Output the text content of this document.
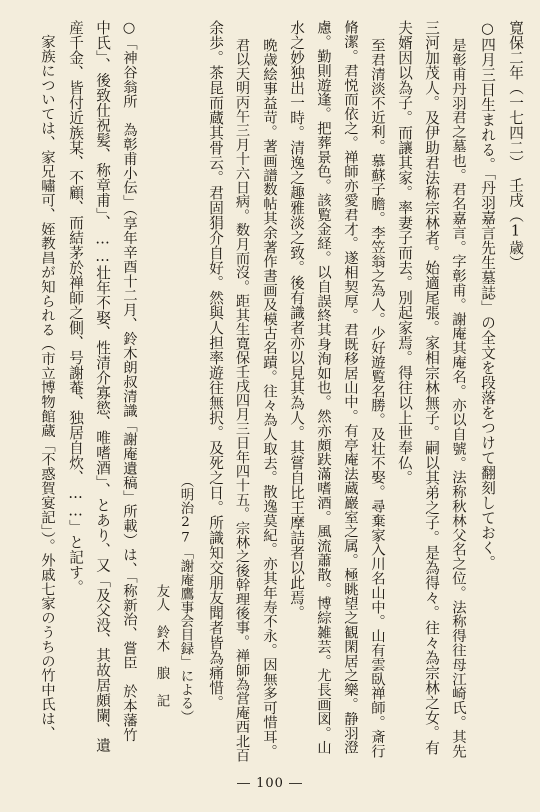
寛保二年（一七四二）　壬戌（1歳）
○四月三日生まれる。「丹羽嘉言先生墓誌」の全文を段落をつけて翻刻しておく。
是彰甫丹羽君之墓也。君名嘉言。字彰甫。謝庵其庵名。亦以自號。法称秋林父名之位。法称得往母江崎氏。其先
三河加茂人。及伊助君法称宗林者。始適尾張。家相宗林無子。嗣以其弟之子。是為得々。往々為宗林之女。有
夫婿因以為子。而讓其家。率妻子而去。別起家焉。得往以上世奉仏。
至君清淡不近利。慕蘇子膽。李笠翁之為人。少好遊覧名勝。及壮不娶。尋棄家入川名山中。山有雲臥禅師。斎行
脩潔。君悦而依之。禅師亦愛君才。遂相契厚。君既移居山中。有亭庵法蔵巖室之属。極眺望之観閑居之樂。静羽澄
慮。勤則遊逢。把葬景色。該覧金経。以自誤終其身洵如也。然亦頗趺滿嗜酒。風流蕭散。博綜雑芸。尤長画図。山
水之妙独出一時。清逸之趣雅淡之致。後有識者亦以見其為人。其嘗自比王摩詰者以此焉。
晩歳絵事益苛。著画譜数帖其余著作書画及模古名蹟。往々為人取去。散逸莫紀。亦其年寿不永。因無多可惜耳。
君以天明丙午三月十六日病。数月而沒。距其生寛保壬戌四月三日年四十五。宗林之後幹理後事。禅師為営庵西北百
余歩。茶昆而蔵其骨云。君固狷介自好。然與人担率遊往無択。及死之日。所識知交朋友聞者皆為痛惜。
（明治27「謝庵鷹事会目録」による）
友人　鈴木　朖　記
○「神谷翁所　為彰甫小伝」（享年辛酉十二月、鈴木朗叔清識「謝庵遺稿」所載）は、「称新治、嘗臣　於本藩竹
中氏」、後致仕祝髪、称章甫」、……壮年不娶、性清介寡慾、唯嗜酒」、とあり、又「及父没、其故居頗闌、遺
産千金、皆付近族某、不顧、而結茅於禅師之側、号謝菴、独居自炊、……」と記す。
　家族については、家兄嘯可、姪教昌が知られる（市立博物館蔵「不惑賀宴記」）。外戚七家のうちの竹中氏は、
― 100 ―
